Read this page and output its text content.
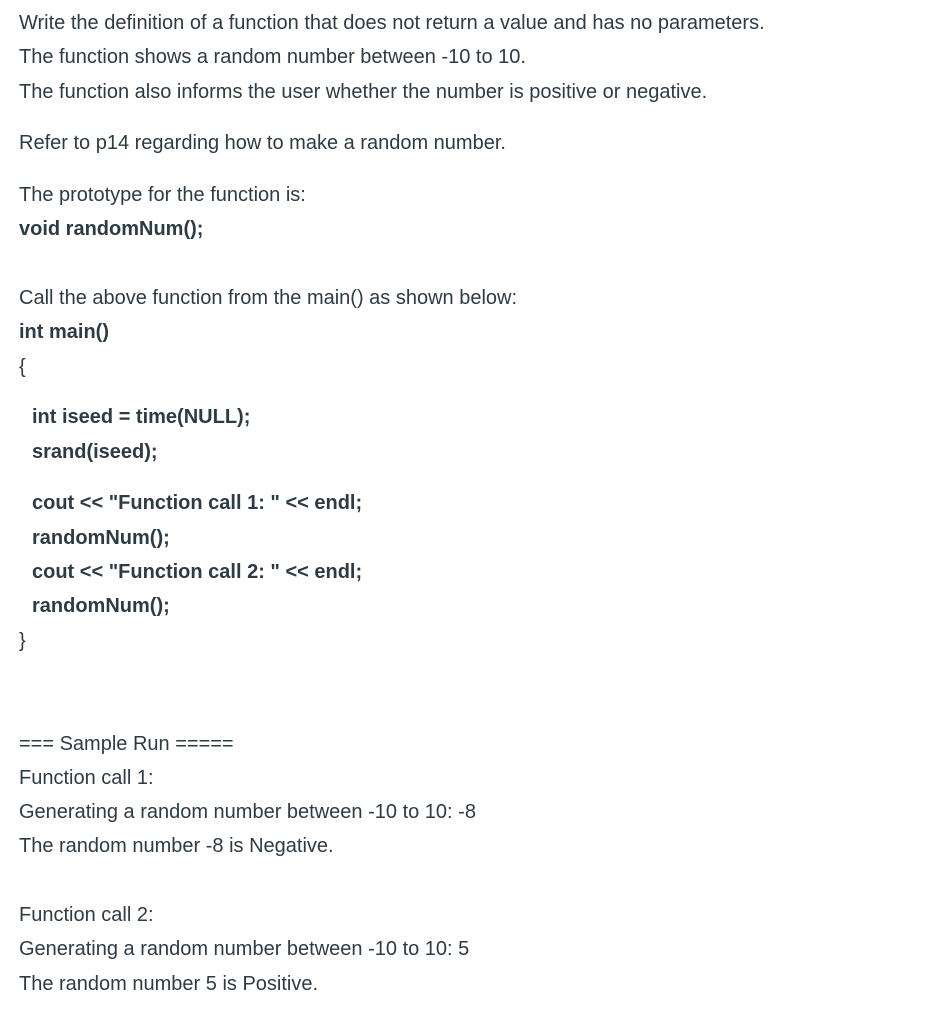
Write the definition of a function that does not return a value and has no parameters.
The function shows a random number between -10 to 10.
The function also informs the user whether the number is positive or negative.
Refer to p14 regarding how to make a random number.
The prototype for the function is:
void randomNum();
Call the above function from the main() as shown below:
int main()
{
int iseed = time(NULL);
srand(iseed);
cout << "Function call 1: " << endl;
randomNum();
cout << "Function call 2: " << endl;
randomNum();
}
=== Sample Run =====
Function call 1:
Generating a random number between -10 to 10: -8
The random number -8 is Negative.
Function call 2:
Generating a random number between -10 to 10: 5
The random number 5 is Positive.
